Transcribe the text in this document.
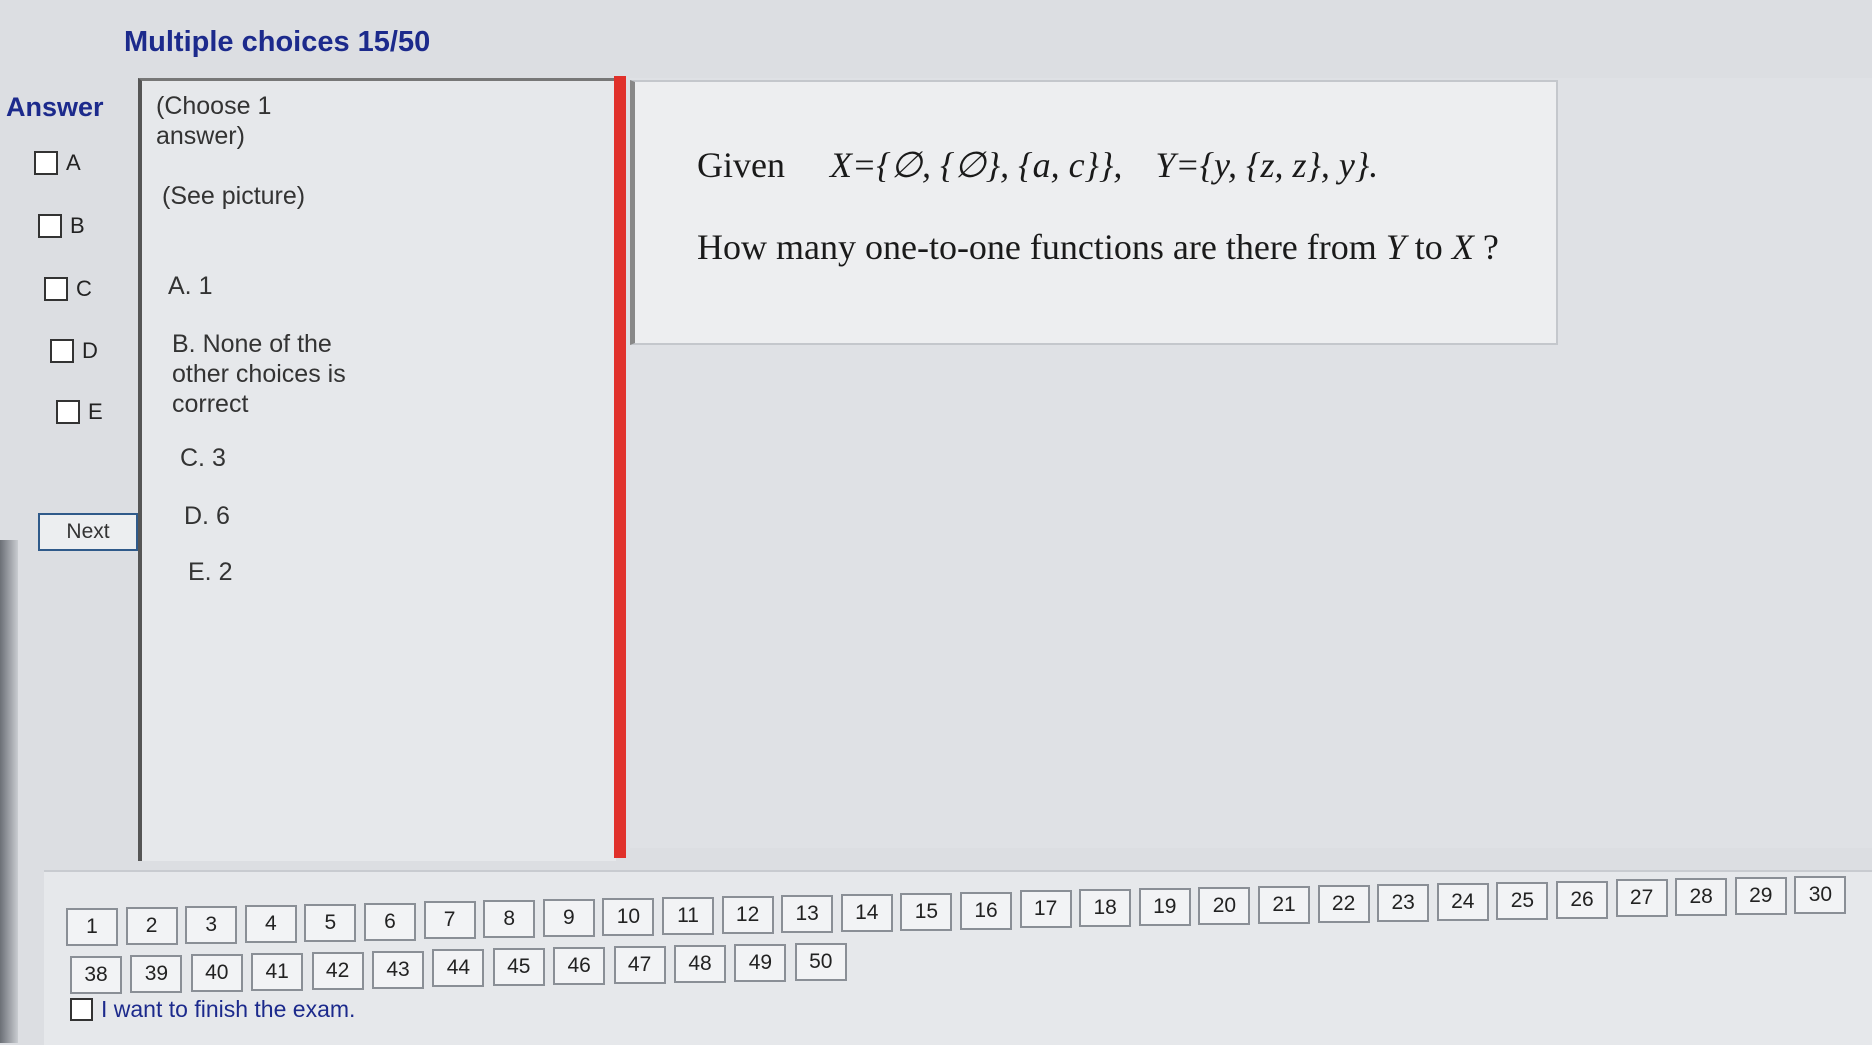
Multiple choices 15/50
Answer
A
B
C
D
E
Next
(Choose 1 answer)
(See picture)
A. 1
B. None of the other choices is correct
C. 3
D. 6
E. 2
Given X={∅, {∅}, {a, c}}, Y={y, {z, z}, y}.
How many one-to-one functions are there from Y to X ?
1	2	3	4	5	6	7	8	9	10	11	12	13	14	15	16	17	18	19	20	21	22	23	24	25	26	27	28	29	30
38	39	40	41	42	43	44	45	46	47	48	49	50
I want to finish the exam.
